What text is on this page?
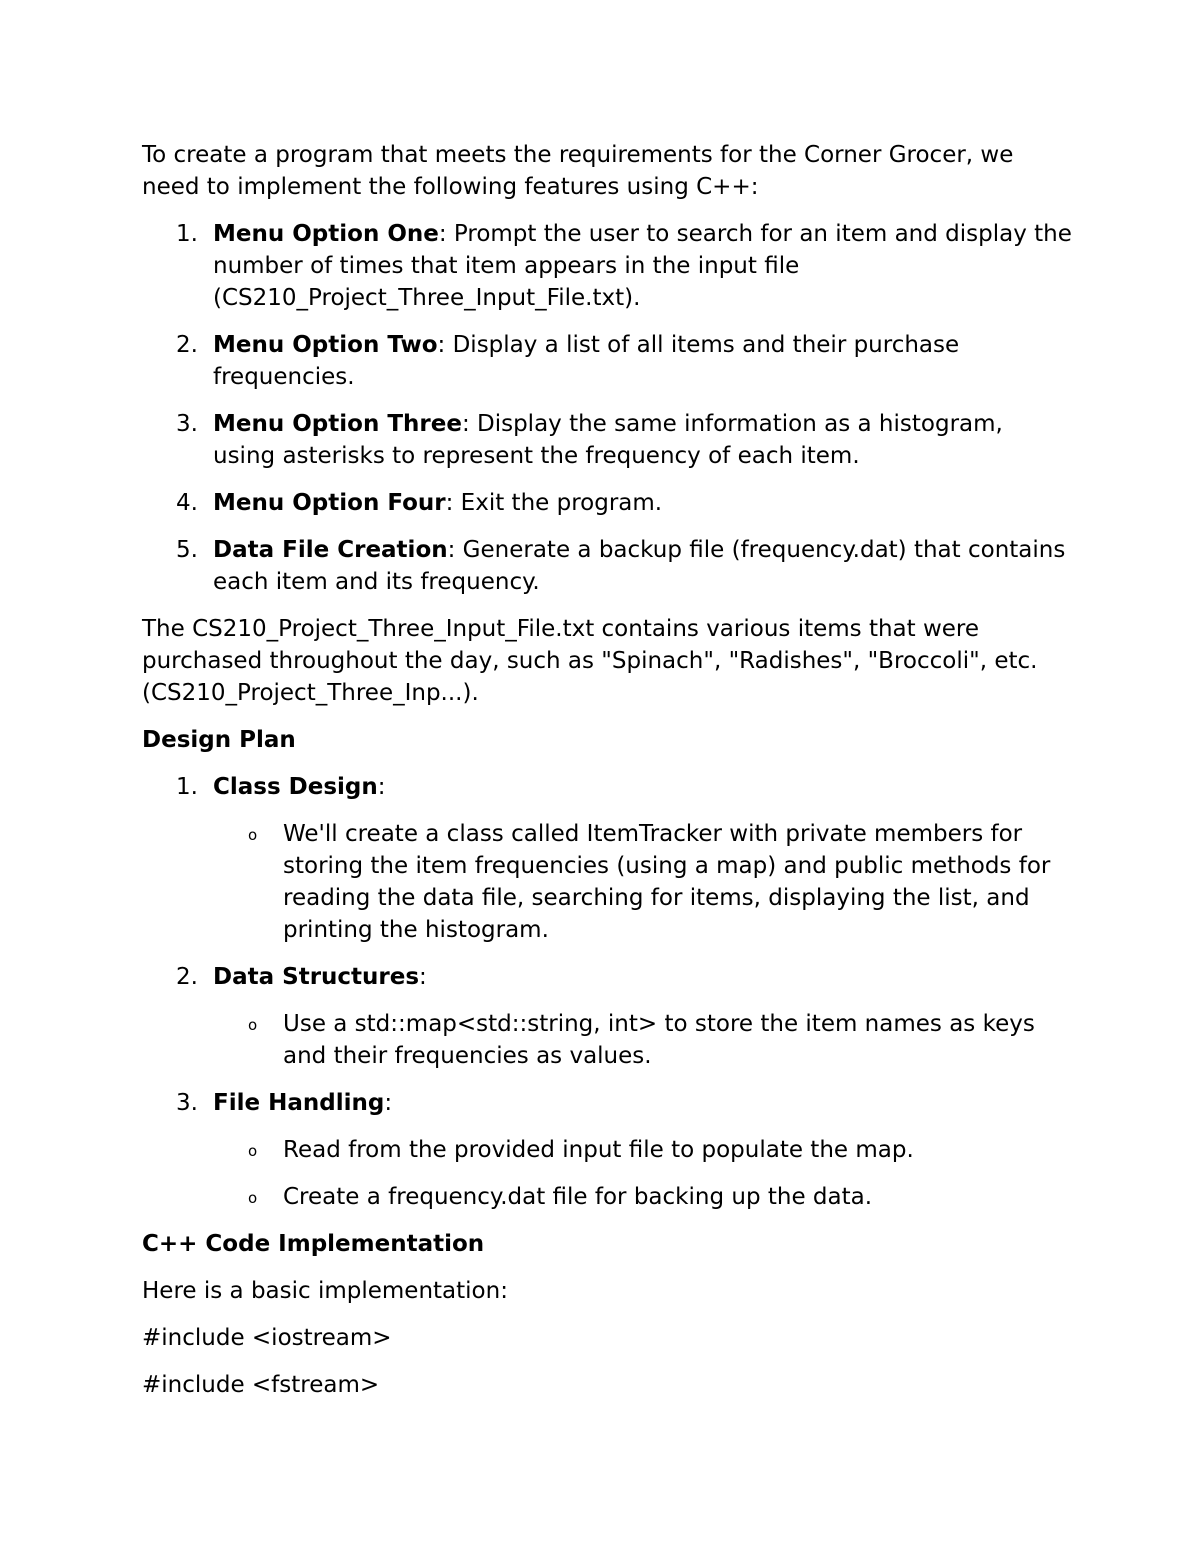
To create a program that meets the requirements for the Corner Grocer, we
need to implement the following features using C++:

1. Menu Option One: Prompt the user to search for an item and display the number of times that item appears in the input file (CS210_Project_Three_Input_File.txt).
2. Menu Option Two: Display a list of all items and their purchase frequencies.
3. Menu Option Three: Display the same information as a histogram, using asterisks to represent the frequency of each item.
4. Menu Option Four: Exit the program.
5. Data File Creation: Generate a backup file (frequency.dat) that contains each item and its frequency.

The CS210_Project_Three_Input_File.txt contains various items that were
purchased throughout the day, such as "Spinach", "Radishes", "Broccoli", etc.
(CS210_Project_Three_Inp...).

Design Plan
1. Class Design:
o We'll create a class called ItemTracker with private members for storing the item frequencies (using a map) and public methods for reading the data file, searching for items, displaying the list, and printing the histogram.
2. Data Structures:
o Use a std::map<std::string, int> to store the item names as keys and their frequencies as values.
3. File Handling:
o Read from the provided input file to populate the map.
o Create a frequency.dat file for backing up the data.
C++ Code Implementation

Here is a basic implementation:

#include <iostream>

#include <fstream>
